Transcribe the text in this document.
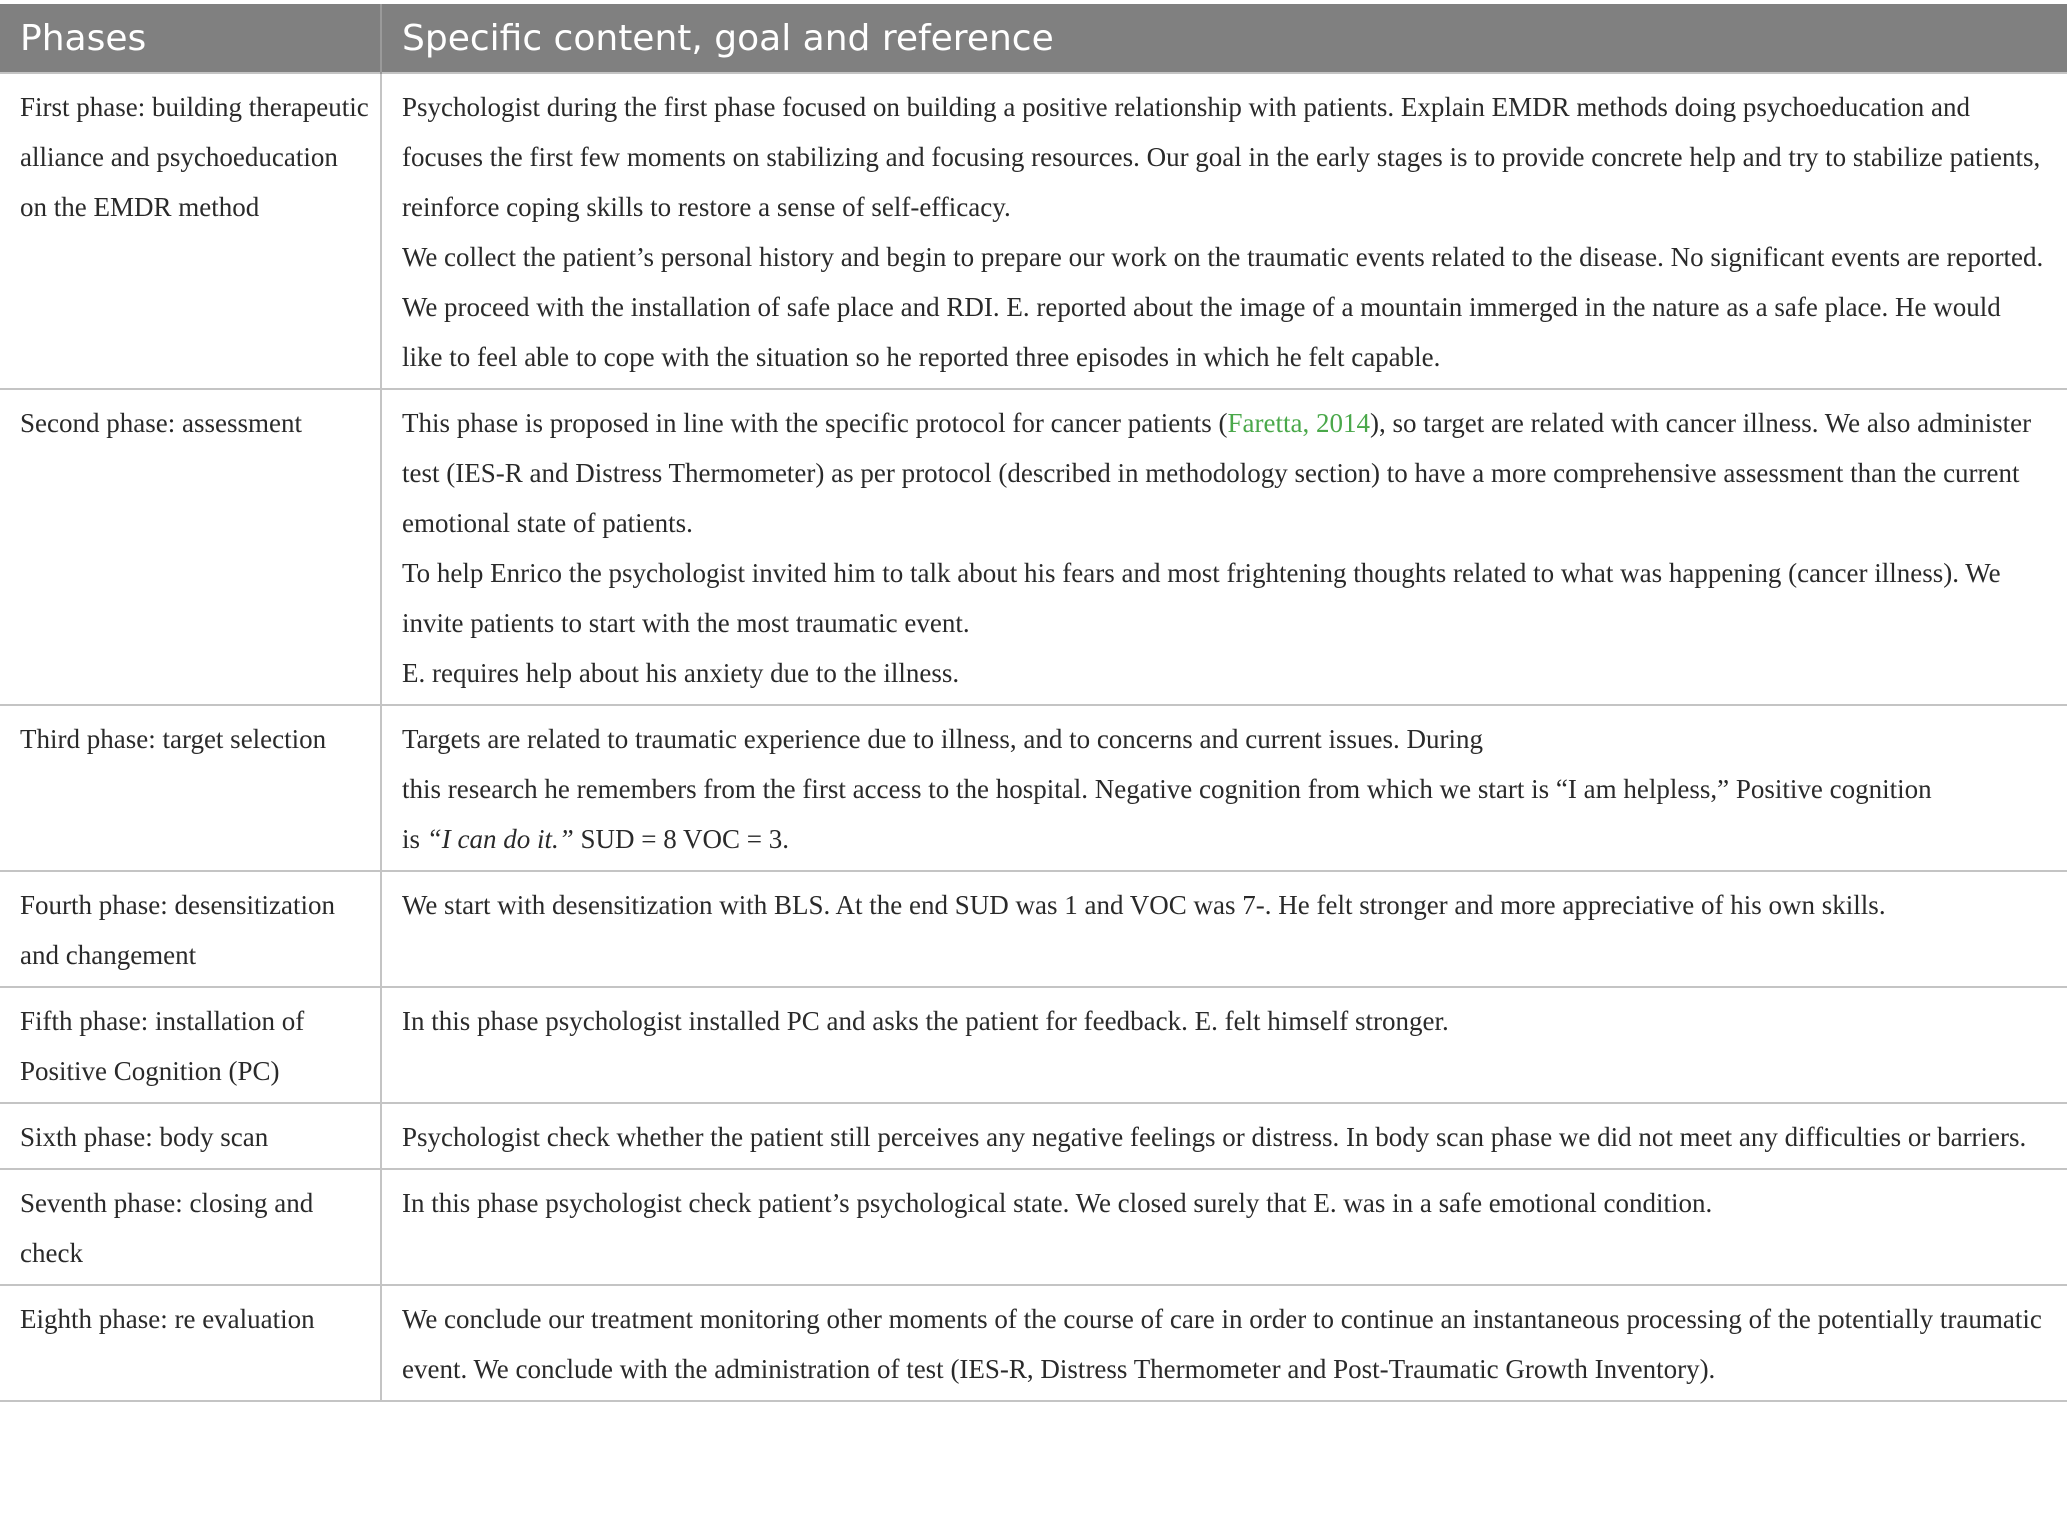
Phases	Specific content, goal and reference
First phase: building therapeutic alliance and psychoeducation on the EMDR method	Psychologist during the first phase focused on building a positive relationship with patients. Explain EMDR methods doing psychoeducation and focuses the first few moments on stabilizing and focusing resources. Our goal in the early stages is to provide concrete help and try to stabilize patients, reinforce coping skills to restore a sense of self-efficacy.
We collect the patient’s personal history and begin to prepare our work on the traumatic events related to the disease. No significant events are reported.
We proceed with the installation of safe place and RDI. E. reported about the image of a mountain immerged in the nature as a safe place. He would like to feel able to cope with the situation so he reported three episodes in which he felt capable.

Second phase: assessment	This phase is proposed in line with the specific protocol for cancer patients (Faretta, 2014), so target are related with cancer illness. We also administer test (IES-R and Distress Thermometer) as per protocol (described in methodology section) to have a more comprehensive assessment than the current emotional state of patients.
To help Enrico the psychologist invited him to talk about his fears and most frightening thoughts related to what was happening (cancer illness). We invite patients to start with the most traumatic event.
E. requires help about his anxiety due to the illness.

Third phase: target selection	Targets are related to traumatic experience due to illness, and to concerns and current issues. During
this research he remembers from the first access to the hospital. Negative cognition from which we start is “I am helpless,” Positive cognition
is “I can do it.” SUD = 8 VOC = 3.

Fourth phase: desensitization and changement	We start with desensitization with BLS. At the end SUD was 1 and VOC was 7-. He felt stronger and more appreciative of his own skills.
Fifth phase: installation of Positive Cognition (PC)	In this phase psychologist installed PC and asks the patient for feedback. E. felt himself stronger.
Sixth phase: body scan	Psychologist check whether the patient still perceives any negative feelings or distress. In body scan phase we did not meet any difficulties or barriers.
Seventh phase: closing and check	In this phase psychologist check patient’s psychological state. We closed surely that E. was in a safe emotional condition.
Eighth phase: re evaluation	We conclude our treatment monitoring other moments of the course of care in order to continue an instantaneous processing of the potentially traumatic event. We conclude with the administration of test (IES-R, Distress Thermometer and Post-Traumatic Growth Inventory).
